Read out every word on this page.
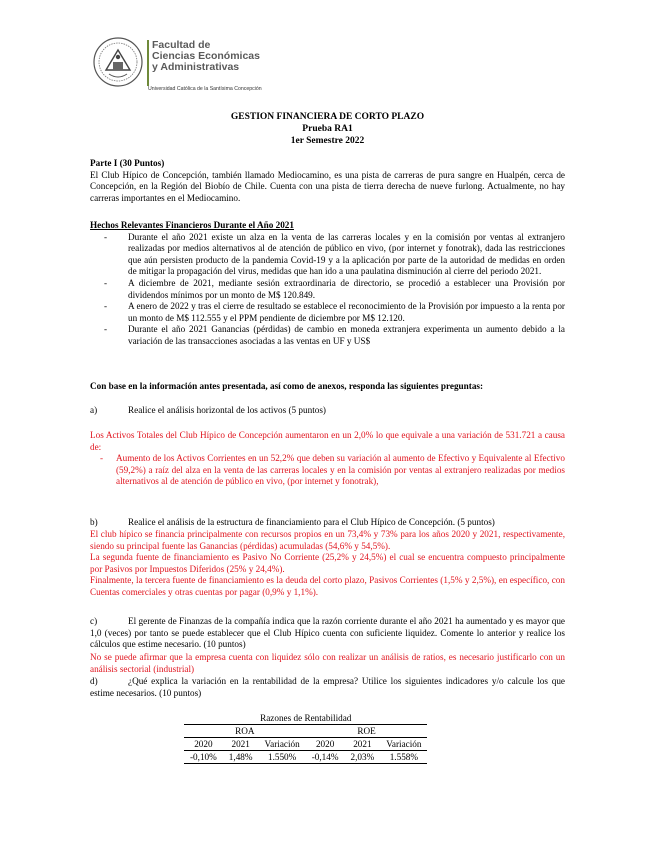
Facultad de
Ciencias Económicas
y Administrativas
Universidad Católica de la Santísima Concepción
GESTION FINANCIERA DE CORTO PLAZO
Prueba RA1
1er Semestre 2022
Parte I (30 Puntos)
El Club Hípico de Concepción, también llamado Mediocamino, es una pista de carreras de pura sangre en Hualpén, cerca de Concepción, en la Región del Biobío de Chile. Cuenta con una pista de tierra derecha de nueve furlong. Actualmente, no hay carreras importantes en el Mediocamino.
Hechos Relevantes Financieros Durante el Año 2021
- Durante el año 2021 existe un alza en la venta de las carreras locales y en la comisión por ventas al extranjero realizadas por medios alternativos al de atención de público en vivo, (por internet y fonotrak), dada las restricciones que aún persisten producto de la pandemia Covid-19 y a la aplicación por parte de la autoridad de medidas en orden de mitigar la propagación del virus, medidas que han ido a una paulatina disminución al cierre del periodo 2021.
- A diciembre de 2021, mediante sesión extraordinaria de directorio, se procedió a establecer una Provisión por dividendos mínimos por un monto de M$ 120.849.
- A enero de 2022 y tras el cierre de resultado se establece el reconocimiento de la Provisión por impuesto a la renta por un monto de M$ 112.555 y el PPM pendiente de diciembre por M$ 12.120.
- Durante el año 2021 Ganancias (pérdidas) de cambio en moneda extranjera experimenta un aumento debido a la variación de las transacciones asociadas a las ventas en UF y US$
Con base en la información antes presentada, así como de anexos, responda las siguientes preguntas:
a)	Realice el análisis horizontal de los activos (5 puntos)
Los Activos Totales del Club Hípico de Concepción aumentaron en un 2,0% lo que equivale a una variación de 531.721 a causa de:
- Aumento de los Activos Corrientes en un 52,2% que deben su variación al aumento de Efectivo y Equivalente al Efectivo (59,2%) a raíz del alza en la venta de las carreras locales y en la comisión por ventas al extranjero realizadas por medios alternativos al de atención de público en vivo, (por internet y fonotrak),
b)	Realice el análisis de la estructura de financiamiento para el Club Hípico de Concepción. (5 puntos)
El club hípico se financia principalmente con recursos propios en un 73,4% y 73% para los años 2020 y 2021, respectivamente, siendo su principal fuente las Ganancias (pérdidas) acumuladas (54,6% y 54,5%).
La segunda fuente de financiamiento es Pasivo No Corriente (25,2% y 24,5%) el cual se encuentra compuesto principalmente por Pasivos por Impuestos Diferidos (25% y 24,4%).
Finalmente, la tercera fuente de financiamiento es la deuda del corto plazo, Pasivos Corrientes (1,5% y 2,5%), en específico, con Cuentas comerciales y otras cuentas por pagar (0,9% y 1,1%).
c)	El gerente de Finanzas de la compañía indica que la razón corriente durante el año 2021 ha aumentado y es mayor que 1,0 (veces) por tanto se puede establecer que el Club Hípico cuenta con suficiente liquidez. Comente lo anterior y realice los cálculos que estime necesario. (10 puntos)
No se puede afirmar que la empresa cuenta con liquidez sólo con realizar un análisis de ratios, es necesario justificarlo con un análisis sectorial (industrial)
d)	¿Qué explica la variación en la rentabilidad de la empresa? Utilice los siguientes indicadores y/o calcule los que estime necesarios. (10 puntos)
Razones de Rentabilidad					
ROA			ROE		
2020	2021	Variación	2020	2021	Variación
-0,10%	1,48%	1.550%	-0,14%	2,03%	1.558%
